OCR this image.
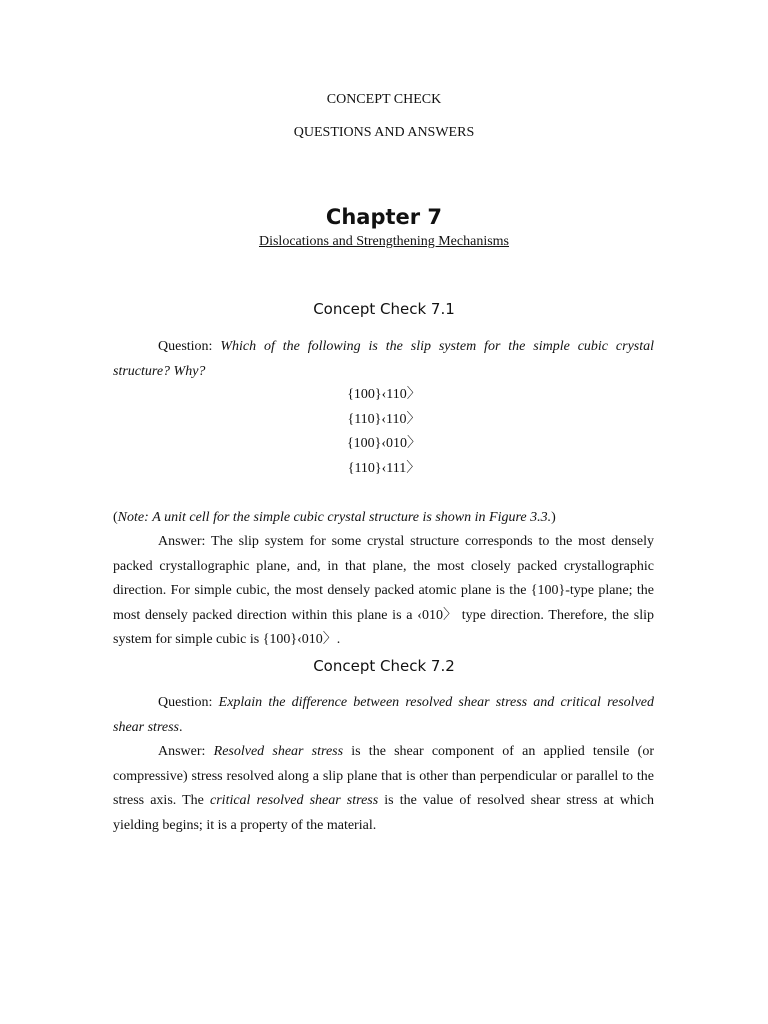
CONCEPT CHECK

QUESTIONS AND ANSWERS

Chapter 7

Dislocations and Strengthening Mechanisms

Concept Check 7.1

Question: Which of the following is the slip system for the simple cubic crystal structure? Why?

{100}‹110〉

{110}‹110〉

{100}‹010〉

{110}‹111〉

(Note: A unit cell for the simple cubic crystal structure is shown in Figure 3.3.)

Answer: The slip system for some crystal structure corresponds to the most densely packed crystallographic plane, and, in that plane, the most closely packed crystallographic direction. For simple cubic, the most densely packed atomic plane is the {100}-type plane; the most densely packed direction within this plane is a ‹010〉 type direction. Therefore, the slip system for simple cubic is {100}‹010〉.

Concept Check 7.2

Question: Explain the difference between resolved shear stress and critical resolved shear stress.

Answer: Resolved shear stress is the shear component of an applied tensile (or compressive) stress resolved along a slip plane that is other than perpendicular or parallel to the stress axis. The critical resolved shear stress is the value of resolved shear stress at which yielding begins; it is a property of the material.
